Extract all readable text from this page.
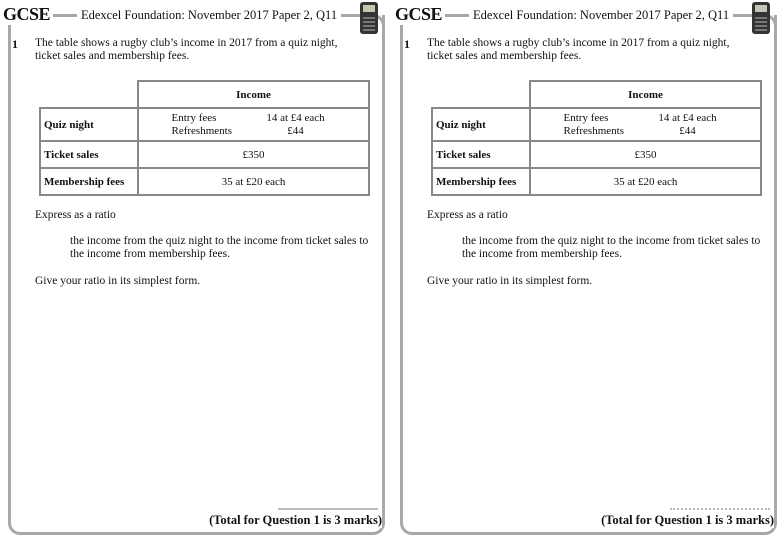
GCSE	Edexcel Foundation: November 2017 Paper 2, Q11
1 The table shows a rugby club’s income in 2017 from a quiz night, ticket sales and membership fees.
	Income
Quiz night	Entry fees 14 at £4 each
Refreshments £44

Ticket sales	£350
Membership fees	35 at £20 each
Express as a ratio
the income from the quiz night to the income from ticket sales to the income from membership fees.
Give your ratio in its simplest form.
(Total for Question 1 is 3 marks)
GCSE	Edexcel Foundation: November 2017 Paper 2, Q11
1 The table shows a rugby club’s income in 2017 from a quiz night, ticket sales and membership fees.
	Income
Quiz night	Entry fees 14 at £4 each
Refreshments £44

Ticket sales	£350
Membership fees	35 at £20 each
Express as a ratio
the income from the quiz night to the income from ticket sales to the income from membership fees.
Give your ratio in its simplest form.
(Total for Question 1 is 3 marks)
